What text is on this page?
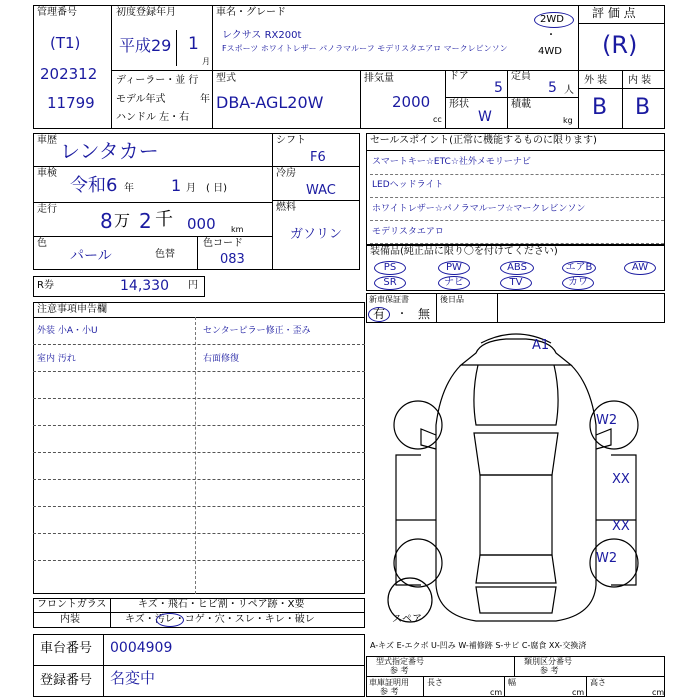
管理番号
(T1)
202312
11799
初度登録年月
平成29 1
月
ディーラー・並 行
モデル年式	年
ハンドル 左・右
車名・グレード
レクサス RX200t
Fスポーツ ホワイトレザー パノラマルーフ モデリスタエアロ マークレビンソン
2WD
・
4WD
評 価 点
(R)
型式
DBA-AGL20W
排気量
2000
cc
ドア
5
定員
5 人
形状
W
積載
kg
外 装 内 装
B B
車歴 レンタカー
車検
令和6 年 1 月 ( 日)
走行 8 万 2 千 000 km
色
パール	色替
色コード
083
シフト
F6
冷房
WAC
燃料
ガソリン
R券	14,330 円
セールスポイント(正常に機能するものに限ります)
スマートキー☆ETC☆社外メモリーナビ
LEDヘッドライト
ホワイトレザー☆パノラマルーフ☆マークレビンソン
モデリスタエアロ
装備品(純正品に限り〇を付けてください)
PS	PW	ABS	エアB	AW
SR	ナビ	TV	カワ
新車保証書
有 ・ 無
後日品
注意事項申告欄
外装 小A・小U
室内 汚れ
センターピラー修正・歪み
右面修復
フロントガラス	キズ・飛石・ヒビ割・リペア跡・X要
内装	キズ・汚レ・コゲ・穴・スレ・キレ・破レ
車台番号 0004909
登録番号 名変中
A-キズ E-エクボ U-凹み W-補修跡 S-サビ C-腐食 XX-交換済
型式指定番号
参 考
類別区分番号
参 考
車庫証明用
参 考
長さ
cm
幅
cm
高さ
cm
A1
W2
XX
XX
W2
スペア
